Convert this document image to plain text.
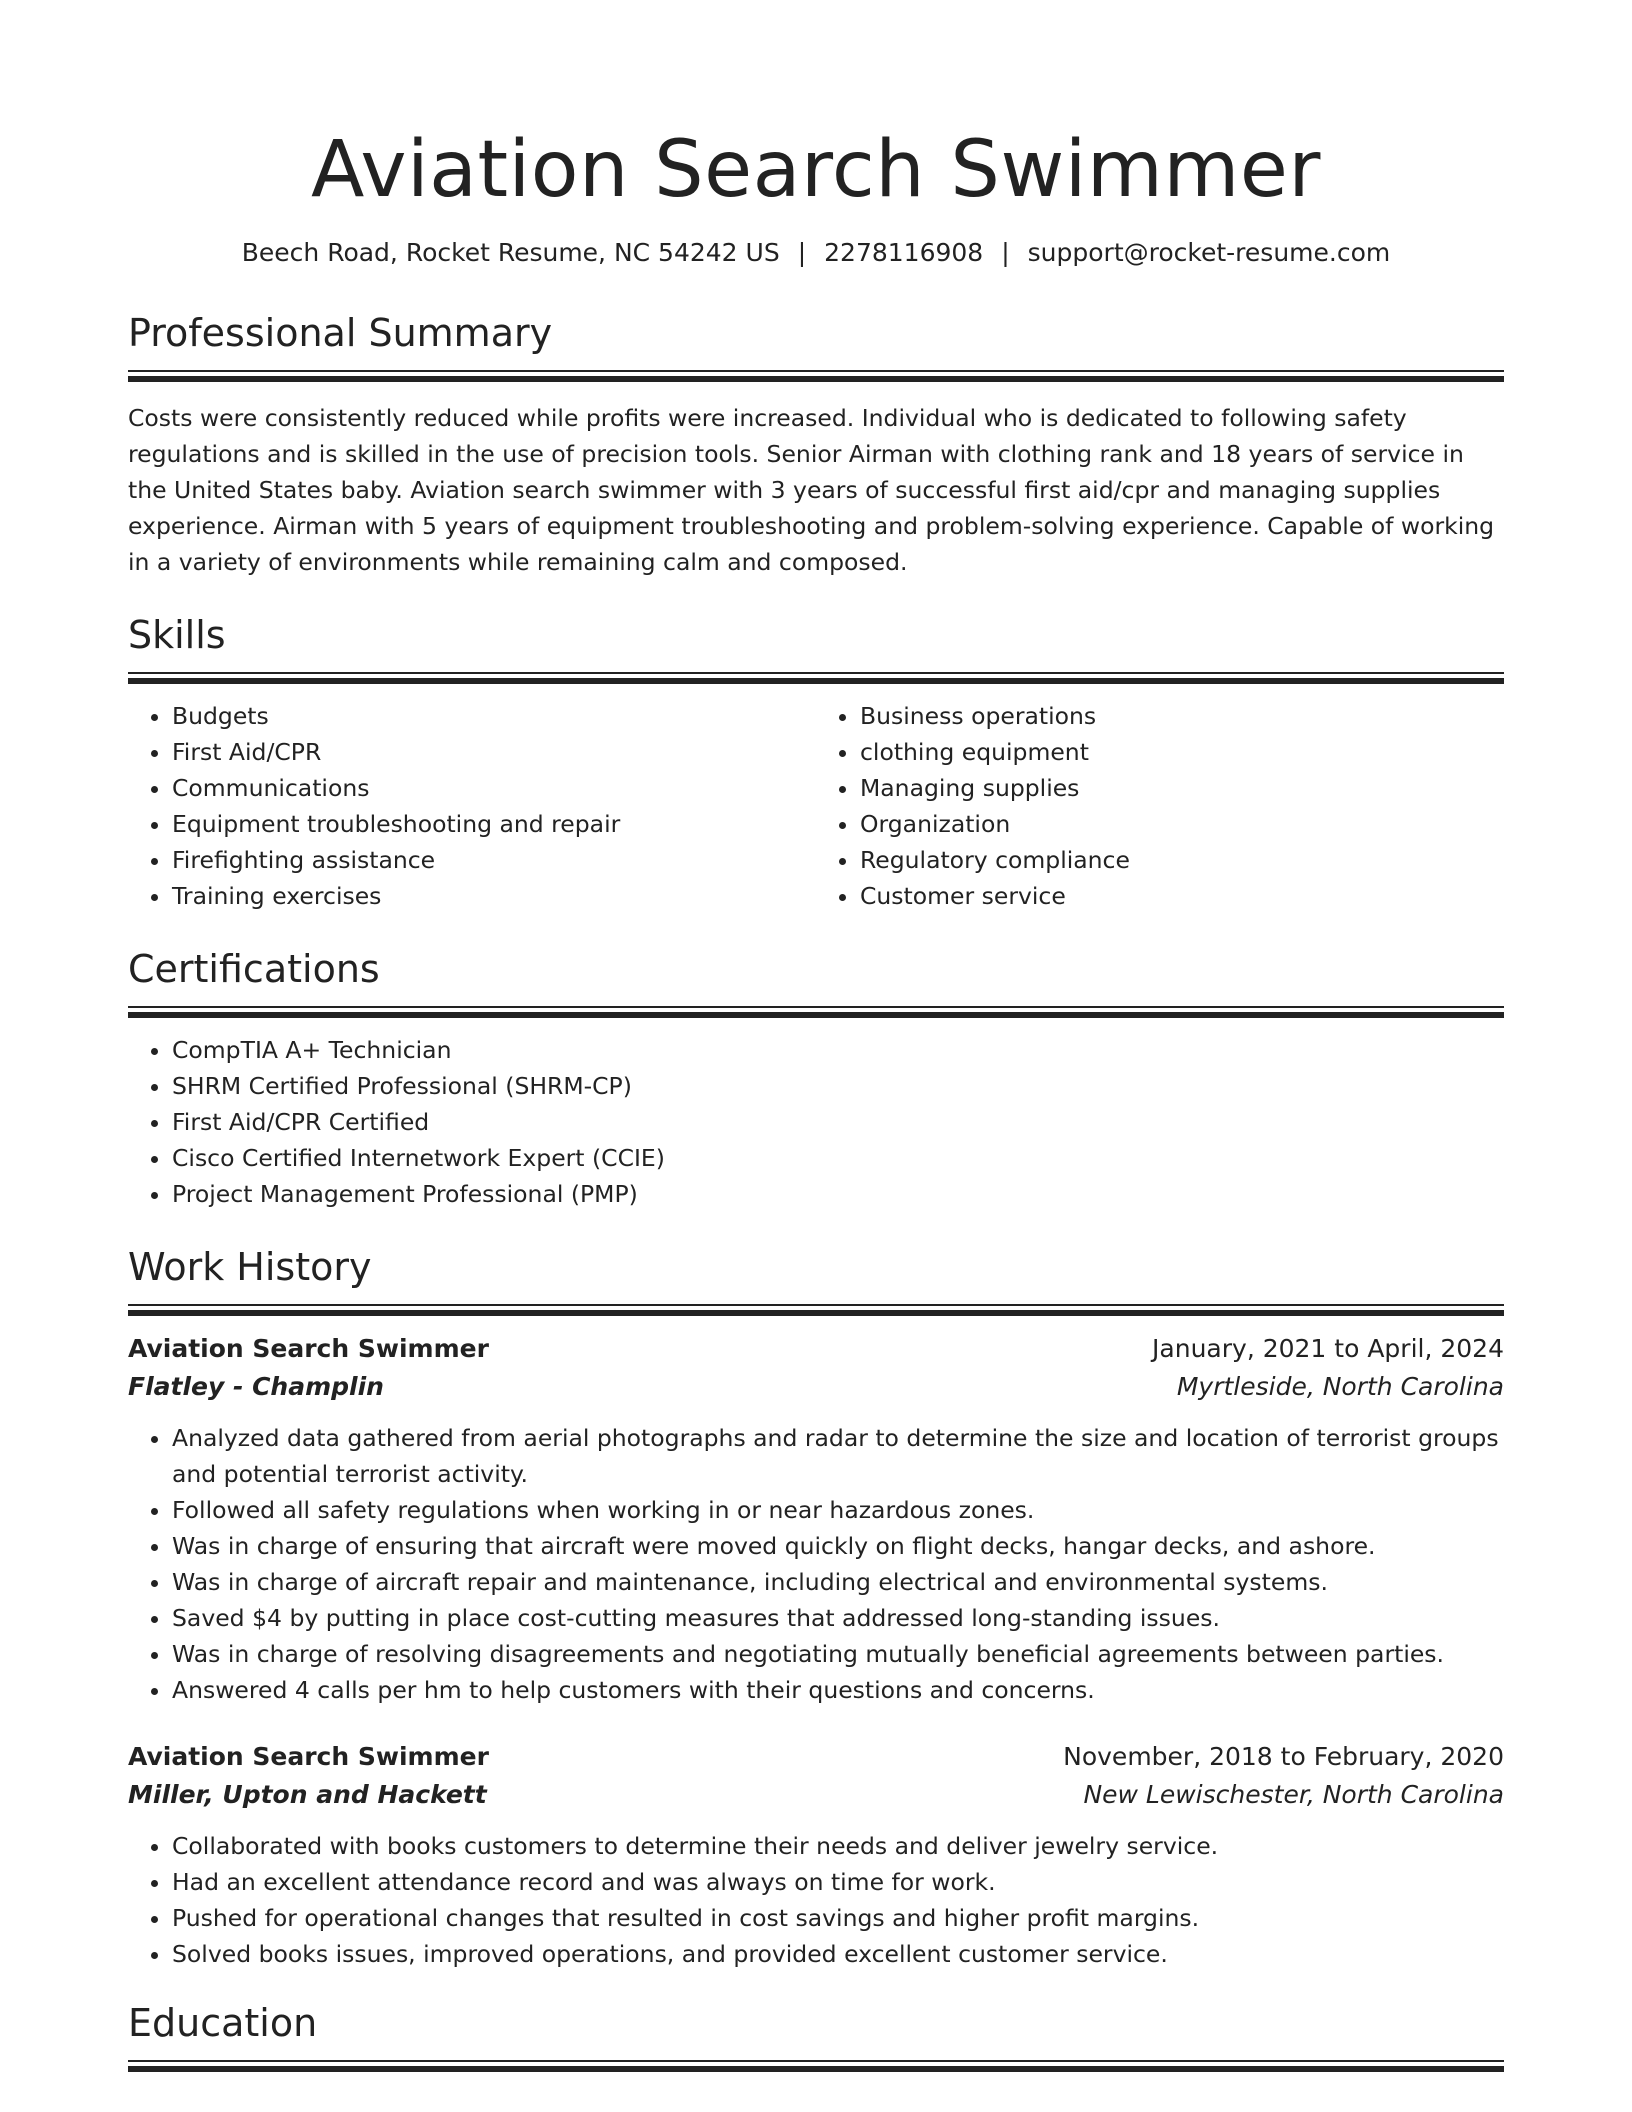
Aviation Search Swimmer
Beech Road, Rocket Resume, NC 54242 US | 2278116908 | support@rocket-resume.com
Professional Summary

Costs were consistently reduced while profits were increased. Individual who is dedicated to following safety regulations and is skilled in the use of precision tools. Senior Airman with clothing rank and 18 years of service in the United States baby. Aviation search swimmer with 3 years of successful first aid/cpr and managing supplies experience. Airman with 5 years of equipment troubleshooting and problem-solving experience. Capable of working in a variety of environments while remaining calm and composed.

Skills
• Budgets
• First Aid/CPR
• Communications
• Equipment troubleshooting and repair
• Firefighting assistance
• Training exercises
• Business operations
• clothing equipment
• Managing supplies
• Organization
• Regulatory compliance
• Customer service
Certifications
• CompTIA A+ Technician
• SHRM Certified Professional (SHRM-CP)
• First Aid/CPR Certified
• Cisco Certified Internetwork Expert (CCIE)
• Project Management Professional (PMP)
Work History
Aviation Search Swimmer	January, 2021 to April, 2024
Flatley - Champlin	Myrtleside, North Carolina
• Analyzed data gathered from aerial photographs and radar to determine the size and location of terrorist groups and potential terrorist activity.
• Followed all safety regulations when working in or near hazardous zones.
• Was in charge of ensuring that aircraft were moved quickly on flight decks, hangar decks, and ashore.
• Was in charge of aircraft repair and maintenance, including electrical and environmental systems.
• Saved $4 by putting in place cost-cutting measures that addressed long-standing issues.
• Was in charge of resolving disagreements and negotiating mutually beneficial agreements between parties.
• Answered 4 calls per hm to help customers with their questions and concerns.
Aviation Search Swimmer	November, 2018 to February, 2020
Miller, Upton and Hackett	New Lewischester, North Carolina
• Collaborated with books customers to determine their needs and deliver jewelry service.
• Had an excellent attendance record and was always on time for work.
• Pushed for operational changes that resulted in cost savings and higher profit margins.
• Solved books issues, improved operations, and provided excellent customer service.
Education
